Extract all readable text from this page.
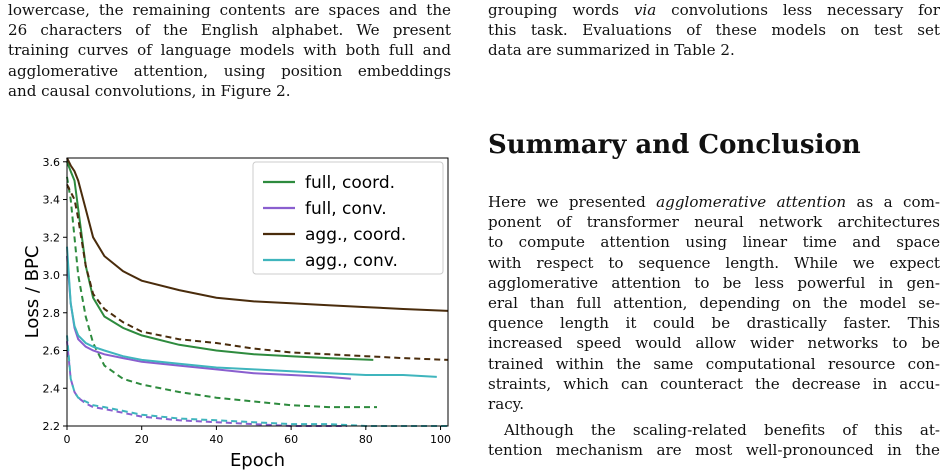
lowercase, the remaining contents are spaces and the
26 characters of the English alphabet. We present
training curves of language models with both full and
agglomerative attention, using position embeddings
and causal convolutions, in Figure 2.
grouping words via convolutions less necessary for
this task. Evaluations of these models on test set
data are summarized in Table 2.
Summary and Conclusion
Here we presented agglomerative attention as a com-
ponent of transformer neural network architectures
to compute attention using linear time and space
with respect to sequence length. While we expect
agglomerative attention to be less powerful in gen-
eral than full attention, depending on the model se-
quence length it could be drastically faster. This
increased speed would allow wider networks to be
trained within the same computational resource con-
straints, which can counteract the decrease in accu-
racy.
Although the scaling-related benefits of this at-
tention mechanism are most well-pronounced in the
0	20	40	60	80	100
2.2
2.4
2.6
2.8
3.0
3.2
3.4
3.6
Epoch
Loss / BPC
full, coord.
full, conv.
agg., coord.
agg., conv.
